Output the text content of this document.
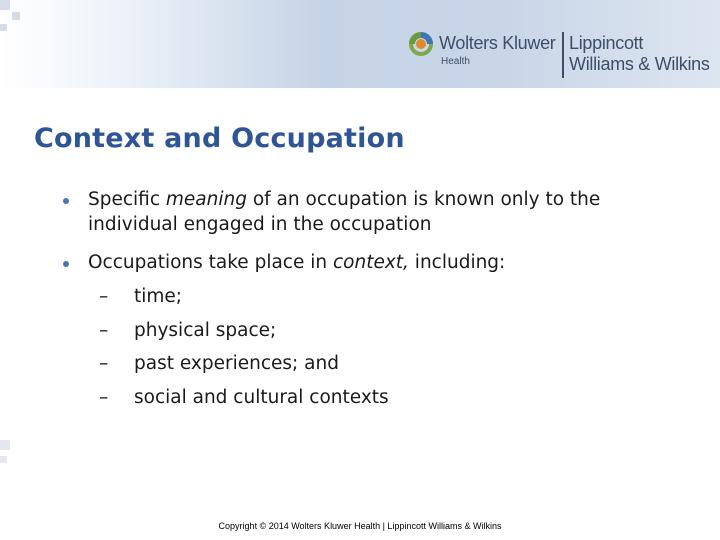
Wolters Kluwer
Health
Lippincott
Williams & Wilkins
Context and Occupation
Specific meaning of an occupation is known only to the individual engaged in the occupation
Occupations take place in context, including:
– time;
– physical space;
– past experiences; and
– social and cultural contexts
Copyright © 2014 Wolters Kluwer Health | Lippincott Williams & Wilkins
